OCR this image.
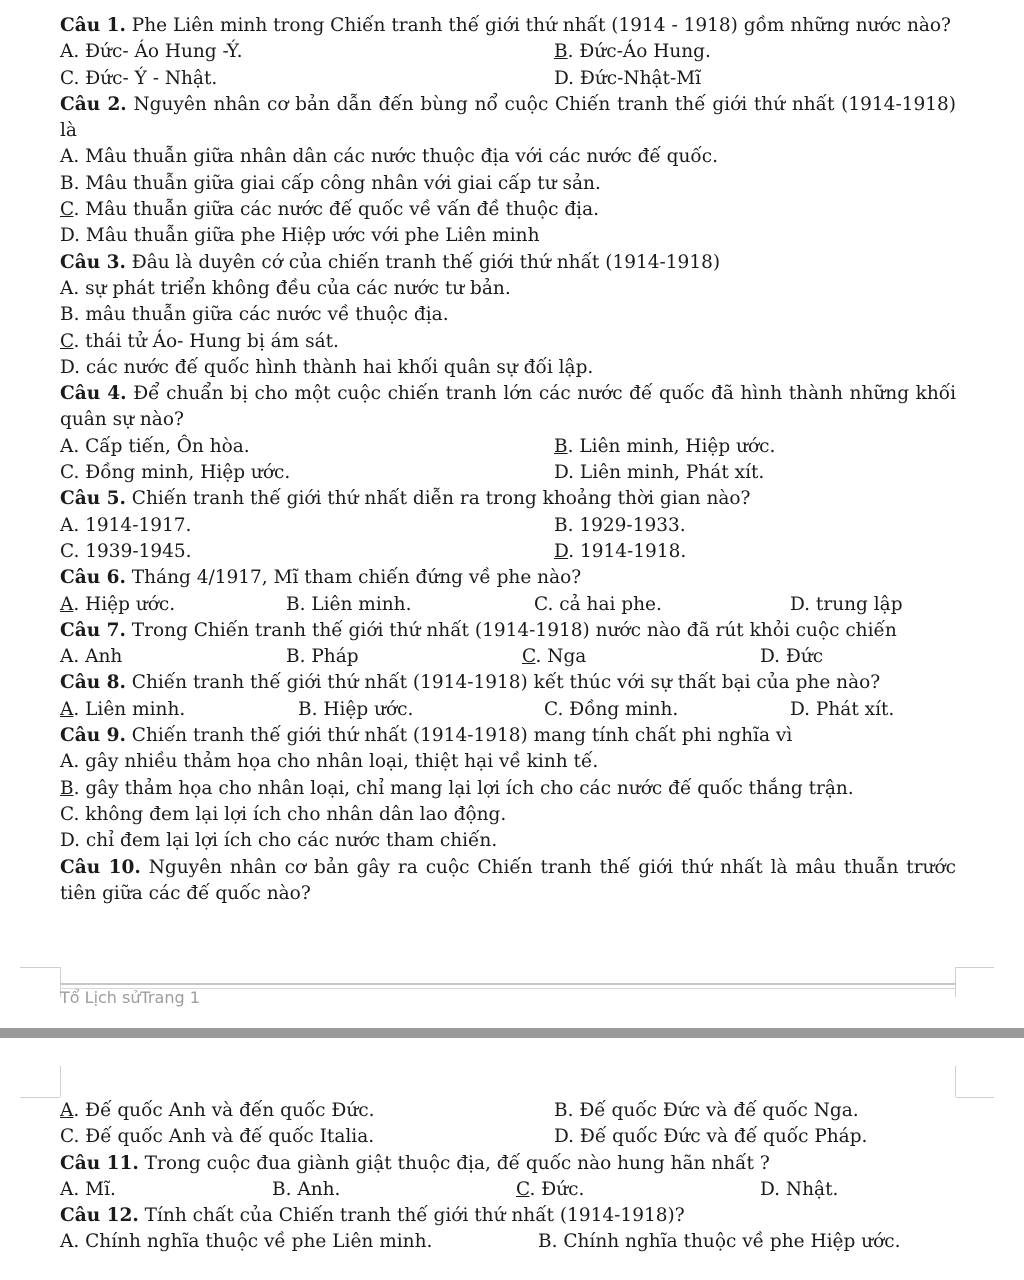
Câu 1. Phe Liên minh trong Chiến tranh thế giới thứ nhất (1914 - 1918) gồm những nước nào?
A. Đức- Áo Hung -Ý.	B. Đức-Áo Hung.
C. Đức- Ý - Nhật.	D. Đức-Nhật-Mĩ
Câu 2. Nguyên nhân cơ bản dẫn đến bùng nổ cuộc Chiến tranh thế giới thứ nhất (1914-1918) là
A. Mâu thuẫn giữa nhân dân các nước thuộc địa với các nước đế quốc.
B. Mâu thuẫn giữa giai cấp công nhân với giai cấp tư sản.
C. Mâu thuẫn giữa các nước đế quốc về vấn đề thuộc địa.
D. Mâu thuẫn giữa phe Hiệp ước với phe Liên minh
Câu 3. Đâu là duyên cớ của chiến tranh thế giới thứ nhất (1914-1918)
A. sự phát triển không đều của các nước tư bản.
B. mâu thuẫn giữa các nước về thuộc địa.
C. thái tử Áo- Hung bị ám sát.
D. các nước đế quốc hình thành hai khối quân sự đối lập.
Câu 4. Để chuẩn bị cho một cuộc chiến tranh lớn các nước đế quốc đã hình thành những khối quân sự nào?
A. Cấp tiến, Ôn hòa.	B. Liên minh, Hiệp ước.
C. Đồng minh, Hiệp ước.	D. Liên minh, Phát xít.
Câu 5. Chiến tranh thế giới thứ nhất diễn ra trong khoảng thời gian nào?
A. 1914-1917.	B. 1929-1933.
C. 1939-1945.	D. 1914-1918.
Câu 6. Tháng 4/1917, Mĩ tham chiến đứng về phe nào?
A. Hiệp ước.	B. Liên minh.	C. cả hai phe.	D. trung lập
Câu 7. Trong Chiến tranh thế giới thứ nhất (1914-1918) nước nào đã rút khỏi cuộc chiến
A. Anh	B. Pháp	C. Nga	D. Đức
Câu 8. Chiến tranh thế giới thứ nhất (1914-1918) kết thúc với sự thất bại của phe nào?
A. Liên minh.	B. Hiệp ước.	C. Đồng minh.	D. Phát xít.
Câu 9. Chiến tranh thế giới thứ nhất (1914-1918) mang tính chất phi nghĩa vì
A. gây nhiều thảm họa cho nhân loại, thiệt hại về kinh tế.
B. gây thảm họa cho nhân loại, chỉ mang lại lợi ích cho các nước đế quốc thắng trận.
C. không đem lại lợi ích cho nhân dân lao động.
D. chỉ đem lại lợi ích cho các nước tham chiến.
Câu 10. Nguyên nhân cơ bản gây ra cuộc Chiến tranh thế giới thứ nhất là mâu thuẫn trước tiên giữa các đế quốc nào?
Tổ Lịch sửTrang 1
A. Đế quốc Anh và đến quốc Đức.	B. Đế quốc Đức và đế quốc Nga.
C. Đế quốc Anh và đế quốc Italia.	D. Đế quốc Đức và đế quốc Pháp.
Câu 11. Trong cuộc đua giành giật thuộc địa, đế quốc nào hung hãn nhất ?
A. Mĩ.	B. Anh.	C. Đức.	D. Nhật.
Câu 12. Tính chất của Chiến tranh thế giới thứ nhất (1914-1918)?
A. Chính nghĩa thuộc về phe Liên minh.	B. Chính nghĩa thuộc về phe Hiệp ước.
